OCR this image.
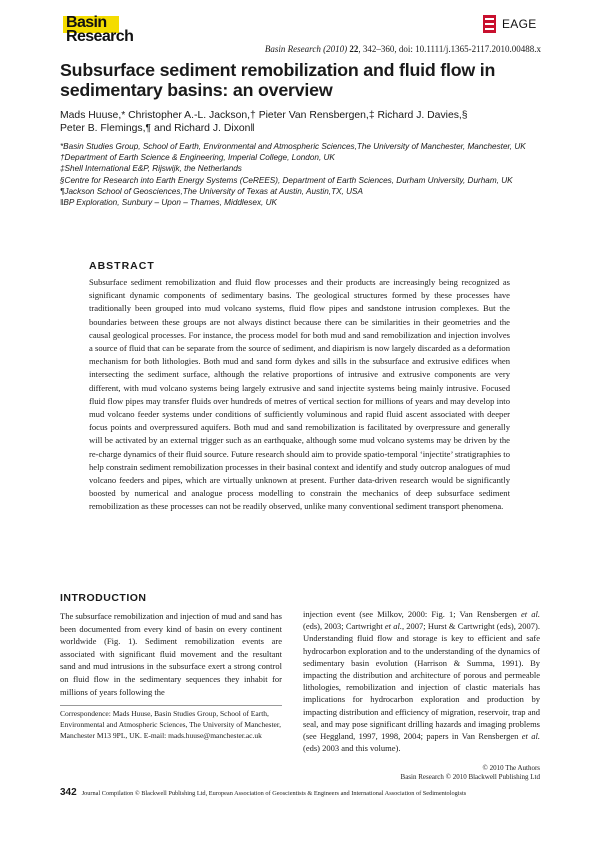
Basin
Research
EAGE
Basin Research (2010) 22, 342–360, doi: 10.1111/j.1365-2117.2010.00488.x
Subsurface sediment remobilization and fluid flow in sedimentary basins: an overview
Mads Huuse,* Christopher A.-L. Jackson,† Pieter Van Rensbergen,‡ Richard J. Davies,§ Peter B. Flemings,¶ and Richard J. Dixon‖
*Basin Studies Group, School of Earth, Environmental and Atmospheric Sciences,The University of Manchester, Manchester, UK
†Department of Earth Science & Engineering, Imperial College, London, UK
‡Shell International E&P, Rijswijk, the Netherlands
§Centre for Research into Earth Energy Systems (CeREES), Department of Earth Sciences, Durham University, Durham, UK
¶Jackson School of Geosciences,The University of Texas at Austin, Austin,TX, USA
‖BP Exploration, Sunbury – Upon – Thames, Middlesex, UK
ABSTRACT

Subsurface sediment remobilization and fluid flow processes and their products are increasingly being recognized as significant dynamic components of sedimentary basins. The geological structures formed by these processes have traditionally been grouped into mud volcano systems, fluid flow pipes and sandstone intrusion complexes. But the boundaries between these groups are not always distinct because there can be similarities in their geometries and the causal geological processes. For instance, the process model for both mud and sand remobilization and injection involves a source of fluid that can be separate from the source of sediment, and diapirism is now largely discarded as a deformation mechanism for both lithologies. Both mud and sand form dykes and sills in the subsurface and extrusive edifices when intersecting the sediment surface, although the relative proportions of intrusive and extrusive components are very different, with mud volcano systems being largely extrusive and sand injectite systems being mainly intrusive. Focused fluid flow pipes may transfer fluids over hundreds of metres of vertical section for millions of years and may develop into mud volcano feeder systems under conditions of sufficiently voluminous and rapid fluid ascent associated with deeper focus points and overpressured aquifers. Both mud and sand remobilization is facilitated by overpressure and generally will be activated by an external trigger such as an earthquake, although some mud volcano systems may be driven by the re-charge dynamics of their fluid source. Future research should aim to provide spatio-temporal ‘injectite’ stratigraphies to help constrain sediment remobilization processes in their basinal context and identify and study outcrop analogues of mud volcano feeders and pipes, which are virtually unknown at present. Further data-driven research would be significantly boosted by numerical and analogue process modelling to constrain the mechanics of deep subsurface sediment remobilization as these processes can not be readily observed, unlike many conventional sediment transport phenomena.

INTRODUCTION

The subsurface remobilization and injection of mud and sand has been documented from every kind of basin on every continent worldwide (Fig. 1). Sediment remobilization events are associated with significant fluid movement and the resultant sand and mud intrusions in the subsurface exert a strong control on fluid flow in the sedimentary sequences they inhabit for millions of years following the

injection event (see Milkov, 2000: Fig. 1; Van Rensbergen et al. (eds), 2003; Cartwright et al., 2007; Hurst & Cartwright (eds), 2007). Understanding fluid flow and storage is key to efficient and safe hydrocarbon exploration and to the understanding of the dynamics of sedimentary basin evolution (Harrison & Summa, 1991). By impacting the distribution and architecture of porous and permeable lithologies, remobilization and injection of clastic materials has implications for hydrocarbon exploration and production by impacting distribution and efficiency of migration, reservoir, trap and seal, and may pose significant drilling hazards and imaging problems (see Heggland, 1997, 1998, 2004; papers in Van Rensbergen et al. (eds) 2003 and this volume).

Correspondence: Mads Huuse, Basin Studies Group, School of Earth, Environmental and Atmospheric Sciences, The University of Manchester, Manchester M13 9PL, UK. E-mail: mads.huuse@manchester.ac.uk
© 2010 The Authors
Basin Research © 2010 Blackwell Publishing Ltd
342 Journal Compilation © Blackwell Publishing Ltd, European Association of Geoscientists & Engineers and International Association of Sedimentologists
